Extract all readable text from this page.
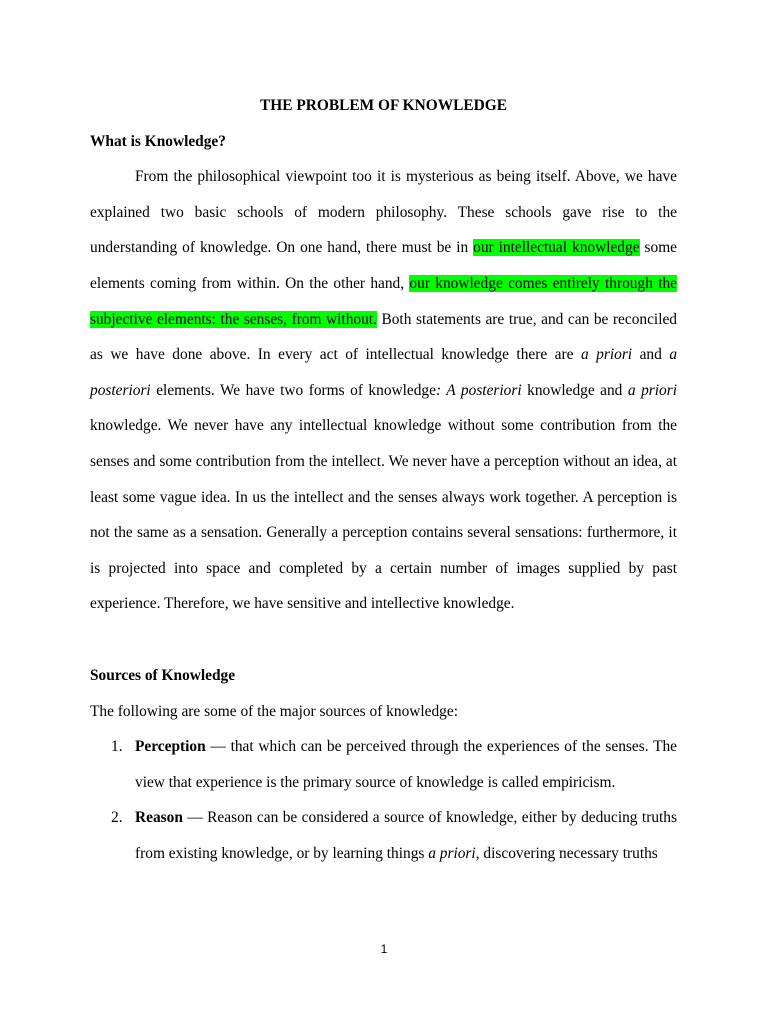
THE PROBLEM OF KNOWLEDGE

What is Knowledge?

From the philosophical viewpoint too it is mysterious as being itself. Above, we have explained two basic schools of modern philosophy. These schools gave rise to the understanding of knowledge. On one hand, there must be in our intellectual knowledge some elements coming from within. On the other hand, our knowledge comes entirely through the subjective elements: the senses, from without. Both statements are true, and can be reconciled as we have done above. In every act of intellectual knowledge there are a priori and a posteriori elements. We have two forms of knowledge: A posteriori knowledge and a priori knowledge. We never have any intellectual knowledge without some contribution from the senses and some contribution from the intellect. We never have a perception without an idea, at least some vague idea. In us the intellect and the senses always work together. A perception is not the same as a sensation. Generally a perception contains several sensations: furthermore, it is projected into space and completed by a certain number of images supplied by past experience. Therefore, we have sensitive and intellective knowledge.

Sources of Knowledge

The following are some of the major sources of knowledge:

1. Perception — that which can be perceived through the experiences of the senses. The view that experience is the primary source of knowledge is called empiricism.
2. Reason — Reason can be considered a source of knowledge, either by deducing truths from existing knowledge, or by learning things a priori, discovering necessary truths
1
